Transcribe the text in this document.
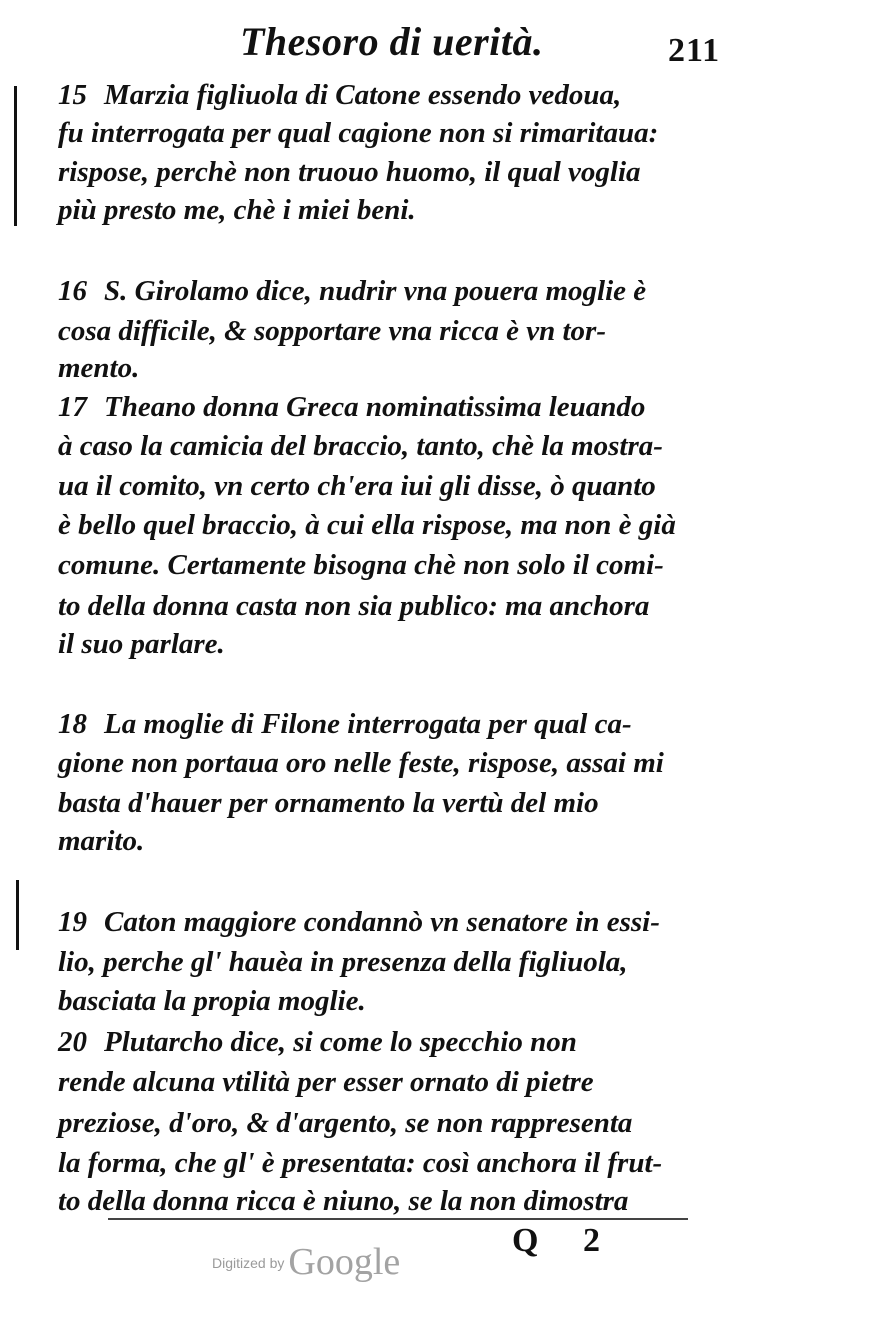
Thesoro di uerità.	211
15 Marzia figliuola di Catone essendo vedoua,
fu interrogata per qual cagione non si rimaritaua:
rispose, perchè non truouo huomo, il qual voglia
più presto me, chè i miei beni.
16 S. Girolamo dice, nudrir vna pouera moglie è
cosa difficile, & sopportare vna ricca è vn tor-
mento.
17 Theano donna Greca nominatissima leuando
à caso la camicia del braccio, tanto, chè la mostra-
ua il comito, vn certo ch'era iui gli disse, ò quanto
è bello quel braccio, à cui ella rispose, ma non è già
comune. Certamente bisogna chè non solo il comi-
to della donna casta non sia publico: ma anchora
il suo parlare.
18 La moglie di Filone interrogata per qual ca-
gione non portaua oro nelle feste, rispose, assai mi
basta d'hauer per ornamento la vertù del mio
marito.
19 Caton maggiore condannò vn senatore in essi-
lio, perche gl' hauèa in presenza della figliuola,
basciata la propia moglie.
20 Plutarcho dice, si come lo specchio non
rende alcuna vtilità per esser ornato di pietre
preziose, d'oro, & d'argento, se non rappresenta
la forma, che gl' è presentata: così anchora il frut-
to della donna ricca è niuno, se la non dimostra
Q 2
Digitized by Google
